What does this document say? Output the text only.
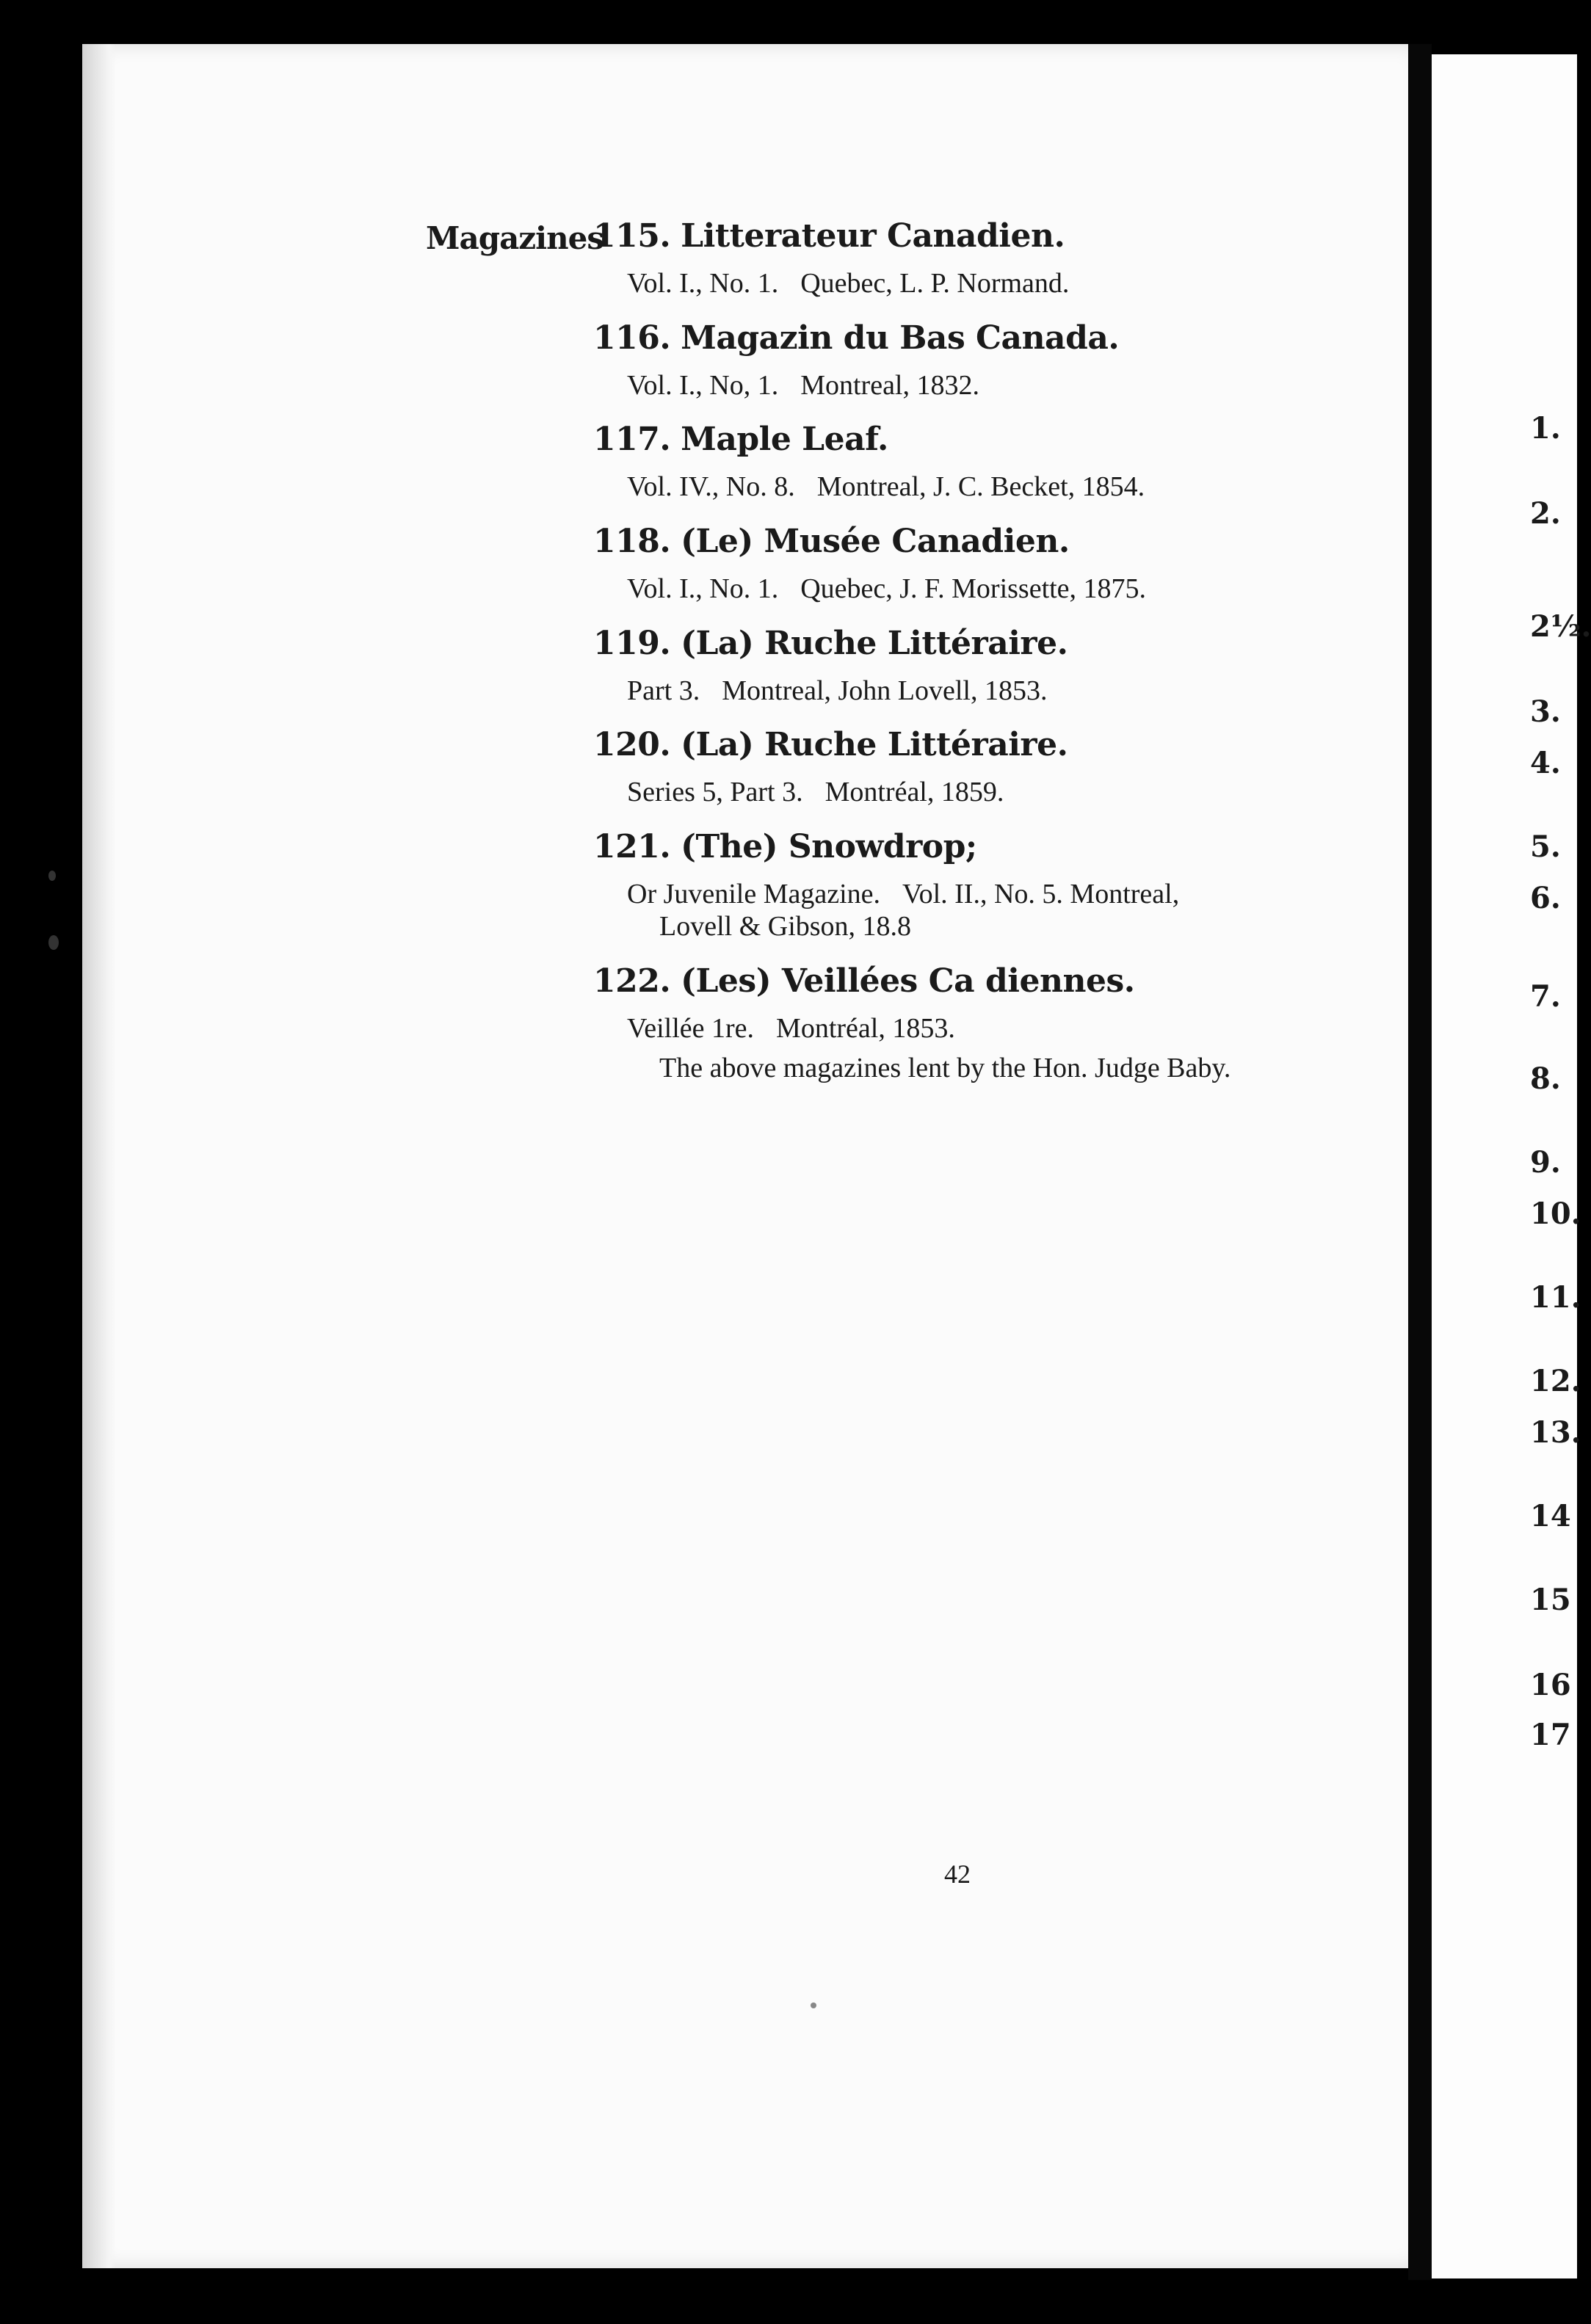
Magazines
115. Litterateur Canadien.
Vol. I., No. 1. Quebec, L. P. Normand.
116. Magazin du Bas Canada.
Vol. I., No, 1. Montreal, 1832.
117. Maple Leaf.
Vol. IV., No. 8. Montreal, J. C. Becket, 1854.
118. (Le) Musée Canadien.
Vol. I., No. 1. Quebec, J. F. Morissette, 1875.
119. (La) Ruche Littéraire.
Part 3. Montreal, John Lovell, 1853.
120. (La) Ruche Littéraire.
Series 5, Part 3. Montréal, 1859.
121. (The) Snowdrop;
Or Juvenile Magazine. Vol. II., No. 5. Montreal,
Lovell & Gibson, 18.8
122. (Les) Veillées Ca diennes.
Veillée 1re. Montréal, 1853.
The above magazines lent by the Hon. Judge Baby.
42
1.
2.
2½.
3.
4.
5.
6.
7.
8.
9.
10.
11.
12.
13.
14
15
16
17
